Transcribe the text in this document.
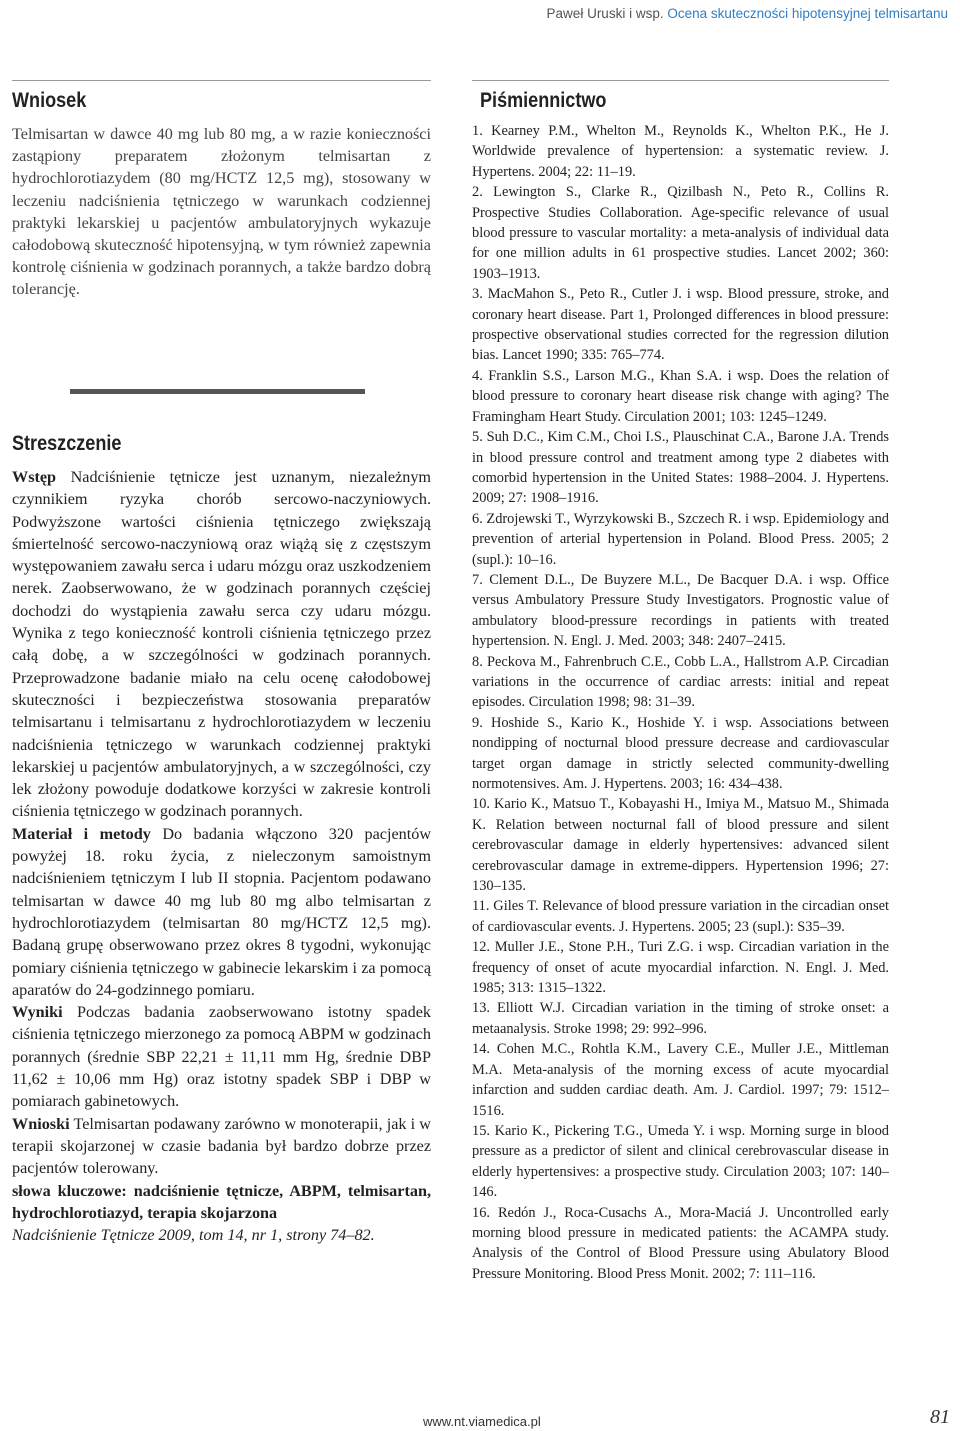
Paweł Uruski i wsp. Ocena skuteczności hipotensyjnej telmisartanu
Wniosek
Telmisartan w dawce 40 mg lub 80 mg, a w razie konieczności zastąpiony preparatem złożonym telmisartan z hydrochlorotiazydem (80 mg/HCTZ 12,5 mg), stosowany w leczeniu nadciśnienia tętniczego w warunkach codziennej praktyki lekarskiej u pacjentów ambulatoryjnych wykazuje całodobową skuteczność hipotensyjną, w tym również zapewnia kontrolę ciśnienia w godzinach porannych, a także bardzo dobrą tolerancję.
Streszczenie
Wstęp Nadciśnienie tętnicze jest uznanym, niezależnym czynnikiem ryzyka chorób sercowo-naczyniowych. Podwyższone wartości ciśnienia tętniczego zwiększają śmiertelność sercowo-naczyniową oraz wiążą się z częstszym występowaniem zawału serca i udaru mózgu oraz uszkodzeniem nerek. Zaobserwowano, że w godzinach porannych częściej dochodzi do wystąpienia zawału serca czy udaru mózgu. Wynika z tego konieczność kontroli ciśnienia tętniczego przez całą dobę, a w szczególności w godzinach porannych. Przeprowadzone badanie miało na celu ocenę całodobowej skuteczności i bezpieczeństwa stosowania preparatów telmisartanu i telmisartanu z hydrochlorotiazydem w leczeniu nadciśnienia tętniczego w warunkach codziennej praktyki lekarskiej u pacjentów ambulatoryjnych, a w szczególności, czy lek złożony powoduje dodatkowe korzyści w zakresie kontroli ciśnienia tętniczego w godzinach porannych.
Materiał i metody Do badania włączono 320 pacjentów powyżej 18. roku życia, z nieleczonym samoistnym nadciśnieniem tętniczym I lub II stopnia. Pacjentom podawano telmisartan w dawce 40 mg lub 80 mg albo telmisartan z hydrochlorotiazydem (telmisartan 80 mg/HCTZ 12,5 mg). Badaną grupę obserwowano przez okres 8 tygodni, wykonując pomiary ciśnienia tętniczego w gabinecie lekarskim i za pomocą aparatów do 24-godzinnego pomiaru.
Wyniki Podczas badania zaobserwowano istotny spadek ciśnienia tętniczego mierzonego za pomocą ABPM w godzinach porannych (średnie SBP 22,21 ± 11,11 mm Hg, średnie DBP 11,62 ± 10,06 mm Hg) oraz istotny spadek SBP i DBP w pomiarach gabinetowych.
Wnioski Telmisartan podawany zarówno w monoterapii, jak i w terapii skojarzonej w czasie badania był bardzo dobrze przez pacjentów tolerowany.
słowa kluczowe: nadciśnienie tętnicze, ABPM, telmisartan, hydrochlorotiazyd, terapia skojarzona
Nadciśnienie Tętnicze 2009, tom 14, nr 1, strony 74–82.
Piśmiennictwo
1. Kearney P.M., Whelton M., Reynolds K., Whelton P.K., He J. Worldwide prevalence of hypertension: a systematic review. J. Hypertens. 2004; 22: 11–19.
2. Lewington S., Clarke R., Qizilbash N., Peto R., Collins R. Prospective Studies Collaboration. Age-specific relevance of usual blood pressure to vascular mortality: a meta-analysis of individual data for one million adults in 61 prospective studies. Lancet 2002; 360: 1903–1913.
3. MacMahon S., Peto R., Cutler J. i wsp. Blood pressure, stroke, and coronary heart disease. Part 1, Prolonged differences in blood pressure: prospective observational studies corrected for the regression dilution bias. Lancet 1990; 335: 765–774.
4. Franklin S.S., Larson M.G., Khan S.A. i wsp. Does the relation of blood pressure to coronary heart disease risk change with aging? The Framingham Heart Study. Circulation 2001; 103: 1245–1249.
5. Suh D.C., Kim C.M., Choi I.S., Plauschinat C.A., Barone J.A. Trends in blood pressure control and treatment among type 2 diabetes with comorbid hypertension in the United States: 1988–2004. J. Hypertens. 2009; 27: 1908–1916.
6. Zdrojewski T., Wyrzykowski B., Szczech R. i wsp. Epidemiology and prevention of arterial hypertension in Poland. Blood Press. 2005; 2 (supl.): 10–16.
7. Clement D.L., De Buyzere M.L., De Bacquer D.A. i wsp. Office versus Ambulatory Pressure Study Investigators. Prognostic value of ambulatory blood-pressure recordings in patients with treated hypertension. N. Engl. J. Med. 2003; 348: 2407–2415.
8. Peckova M., Fahrenbruch C.E., Cobb L.A., Hallstrom A.P. Circadian variations in the occurrence of cardiac arrests: initial and repeat episodes. Circulation 1998; 98: 31–39.
9. Hoshide S., Kario K., Hoshide Y. i wsp. Associations between nondipping of nocturnal blood pressure decrease and cardiovascular target organ damage in strictly selected community-dwelling normotensives. Am. J. Hypertens. 2003; 16: 434–438.
10. Kario K., Matsuo T., Kobayashi H., Imiya M., Matsuo M., Shimada K. Relation between nocturnal fall of blood pressure and silent cerebrovascular damage in elderly hypertensives: advanced silent cerebrovascular damage in extreme-dippers. Hypertension 1996; 27: 130–135.
11. Giles T. Relevance of blood pressure variation in the circadian onset of cardiovascular events. J. Hypertens. 2005; 23 (supl.): S35–39.
12. Muller J.E., Stone P.H., Turi Z.G. i wsp. Circadian variation in the frequency of onset of acute myocardial infarction. N. Engl. J. Med. 1985; 313: 1315–1322.
13. Elliott W.J. Circadian variation in the timing of stroke onset: a metaanalysis. Stroke 1998; 29: 992–996.
14. Cohen M.C., Rohtla K.M., Lavery C.E., Muller J.E., Mittleman M.A. Meta-analysis of the morning excess of acute myocardial infarction and sudden cardiac death. Am. J. Cardiol. 1997; 79: 1512–1516.
15. Kario K., Pickering T.G., Umeda Y. i wsp. Morning surge in blood pressure as a predictor of silent and clinical cerebrovascular disease in elderly hypertensives: a prospective study. Circulation 2003; 107: 140–146.
16. Redón J., Roca-Cusachs A., Mora-Maciá J. Uncontrolled early morning blood pressure in medicated patients: the ACAMPA study. Analysis of the Control of Blood Pressure using Abulatory Blood Pressure Monitoring. Blood Press Monit. 2002; 7: 111–116.
www.nt.viamedica.pl	81
